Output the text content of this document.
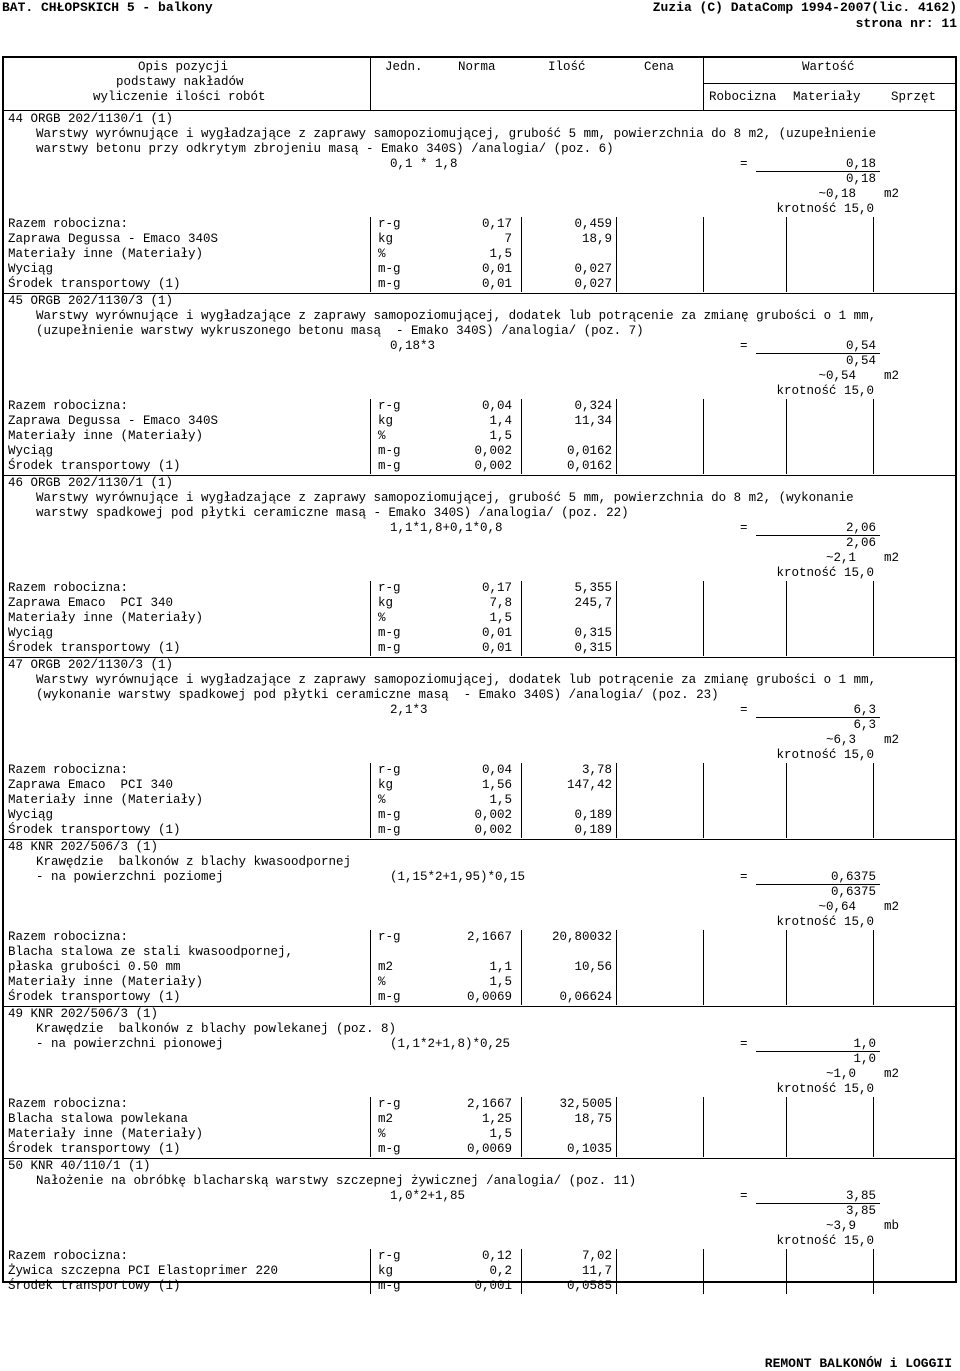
BAT. CHŁOPSKICH 5 - balkony	Zuzia (C) DataComp 1994-2007(lic. 4162)
strona nr: 11
Opis pozycji
podstawy nakładów
wyliczenie ilości robót
Jedn.	Norma	Ilość	Cena	Wartość
Robocizna Materiały Sprzęt
44 ORGB 202/1130/1 (1)
Warstwy wyrównujące i wygładzające z zaprawy samopoziomującej, grubość 5 mm, powierzchnia do 8 m2, (uzupełnienie
warstwy betonu przy odkrytym zbrojeniu masą - Emako 340S) /analogia/ (poz. 6)
0,1 * 1,8	=	0,18
0,18
~0,18 m2
krotność 15,0
Razem robocizna:	r-g	0,17	0,459
Zaprawa Degussa - Emaco 340S	kg	7	18,9
Materiały inne (Materiały)	%	1,5
Wyciąg	m-g	0,01	0,027
Środek transportowy (1)	m-g	0,01	0,027
45 ORGB 202/1130/3 (1)
Warstwy wyrównujące i wygładzające z zaprawy samopoziomującej, dodatek lub potrącenie za zmianę grubości o 1 mm,
(uzupełnienie warstwy wykruszonego betonu masą  - Emako 340S) /analogia/ (poz. 7)
0,18*3	=	0,54
0,54
~0,54 m2
krotność 15,0
Razem robocizna:	r-g	0,04	0,324
Zaprawa Degussa - Emaco 340S	kg	1,4	11,34
Materiały inne (Materiały)	%	1,5
Wyciąg	m-g	0,002	0,0162
Środek transportowy (1)	m-g	0,002	0,0162
46 ORGB 202/1130/1 (1)
Warstwy wyrównujące i wygładzające z zaprawy samopoziomującej, grubość 5 mm, powierzchnia do 8 m2, (wykonanie
warstwy spadkowej pod płytki ceramiczne masą - Emako 340S) /analogia/ (poz. 22)
1,1*1,8+0,1*0,8	=	2,06
2,06
~2,1 m2
krotność 15,0
Razem robocizna:	r-g	0,17	5,355
Zaprawa Emaco  PCI 340	kg	7,8	245,7
Materiały inne (Materiały)	%	1,5
Wyciąg	m-g	0,01	0,315
Środek transportowy (1)	m-g	0,01	0,315
47 ORGB 202/1130/3 (1)
Warstwy wyrównujące i wygładzające z zaprawy samopoziomującej, dodatek lub potrącenie za zmianę grubości o 1 mm,
(wykonanie warstwy spadkowej pod płytki ceramiczne masą  - Emako 340S) /analogia/ (poz. 23)
2,1*3	=	6,3
6,3
~6,3 m2
krotność 15,0
Razem robocizna:	r-g	0,04	3,78
Zaprawa Emaco  PCI 340	kg	1,56	147,42
Materiały inne (Materiały)	%	1,5
Wyciąg	m-g	0,002	0,189
Środek transportowy (1)	m-g	0,002	0,189
48 KNR 202/506/3 (1)
Krawędzie  balkonów z blachy kwasoodpornej
- na powierzchni poziomej	(1,15*2+1,95)*0,15	=	0,6375
0,6375
~0,64 m2
krotność 15,0
Razem robocizna:	r-g	2,1667	20,80032
Blacha stalowa ze stali kwasoodpornej,
płaska grubości 0.50 mm	m2	1,1	10,56
Materiały inne (Materiały)	%	1,5
Środek transportowy (1)	m-g	0,0069	0,06624
49 KNR 202/506/3 (1)
Krawędzie  balkonów z blachy powlekanej (poz. 8)
- na powierzchni pionowej	(1,1*2+1,8)*0,25	=	1,0
1,0
~1,0 m2
krotność 15,0
Razem robocizna:	r-g	2,1667	32,5005
Blacha stalowa powlekana	m2	1,25	18,75
Materiały inne (Materiały)	%	1,5
Środek transportowy (1)	m-g	0,0069	0,1035
50 KNR 40/110/1 (1)
Nałożenie na obróbkę blacharską warstwy szczepnej żywicznej /analogia/ (poz. 11)
1,0*2+1,85	=	3,85
3,85
~3,9 mb
krotność 15,0
Razem robocizna:	r-g	0,12	7,02
Żywica szczepna PCI Elastoprimer 220	kg	0,2	11,7
Środek transportowy (1)	m-g	0,001	0,0585
REMONT BALKONÓW i LOGGII
